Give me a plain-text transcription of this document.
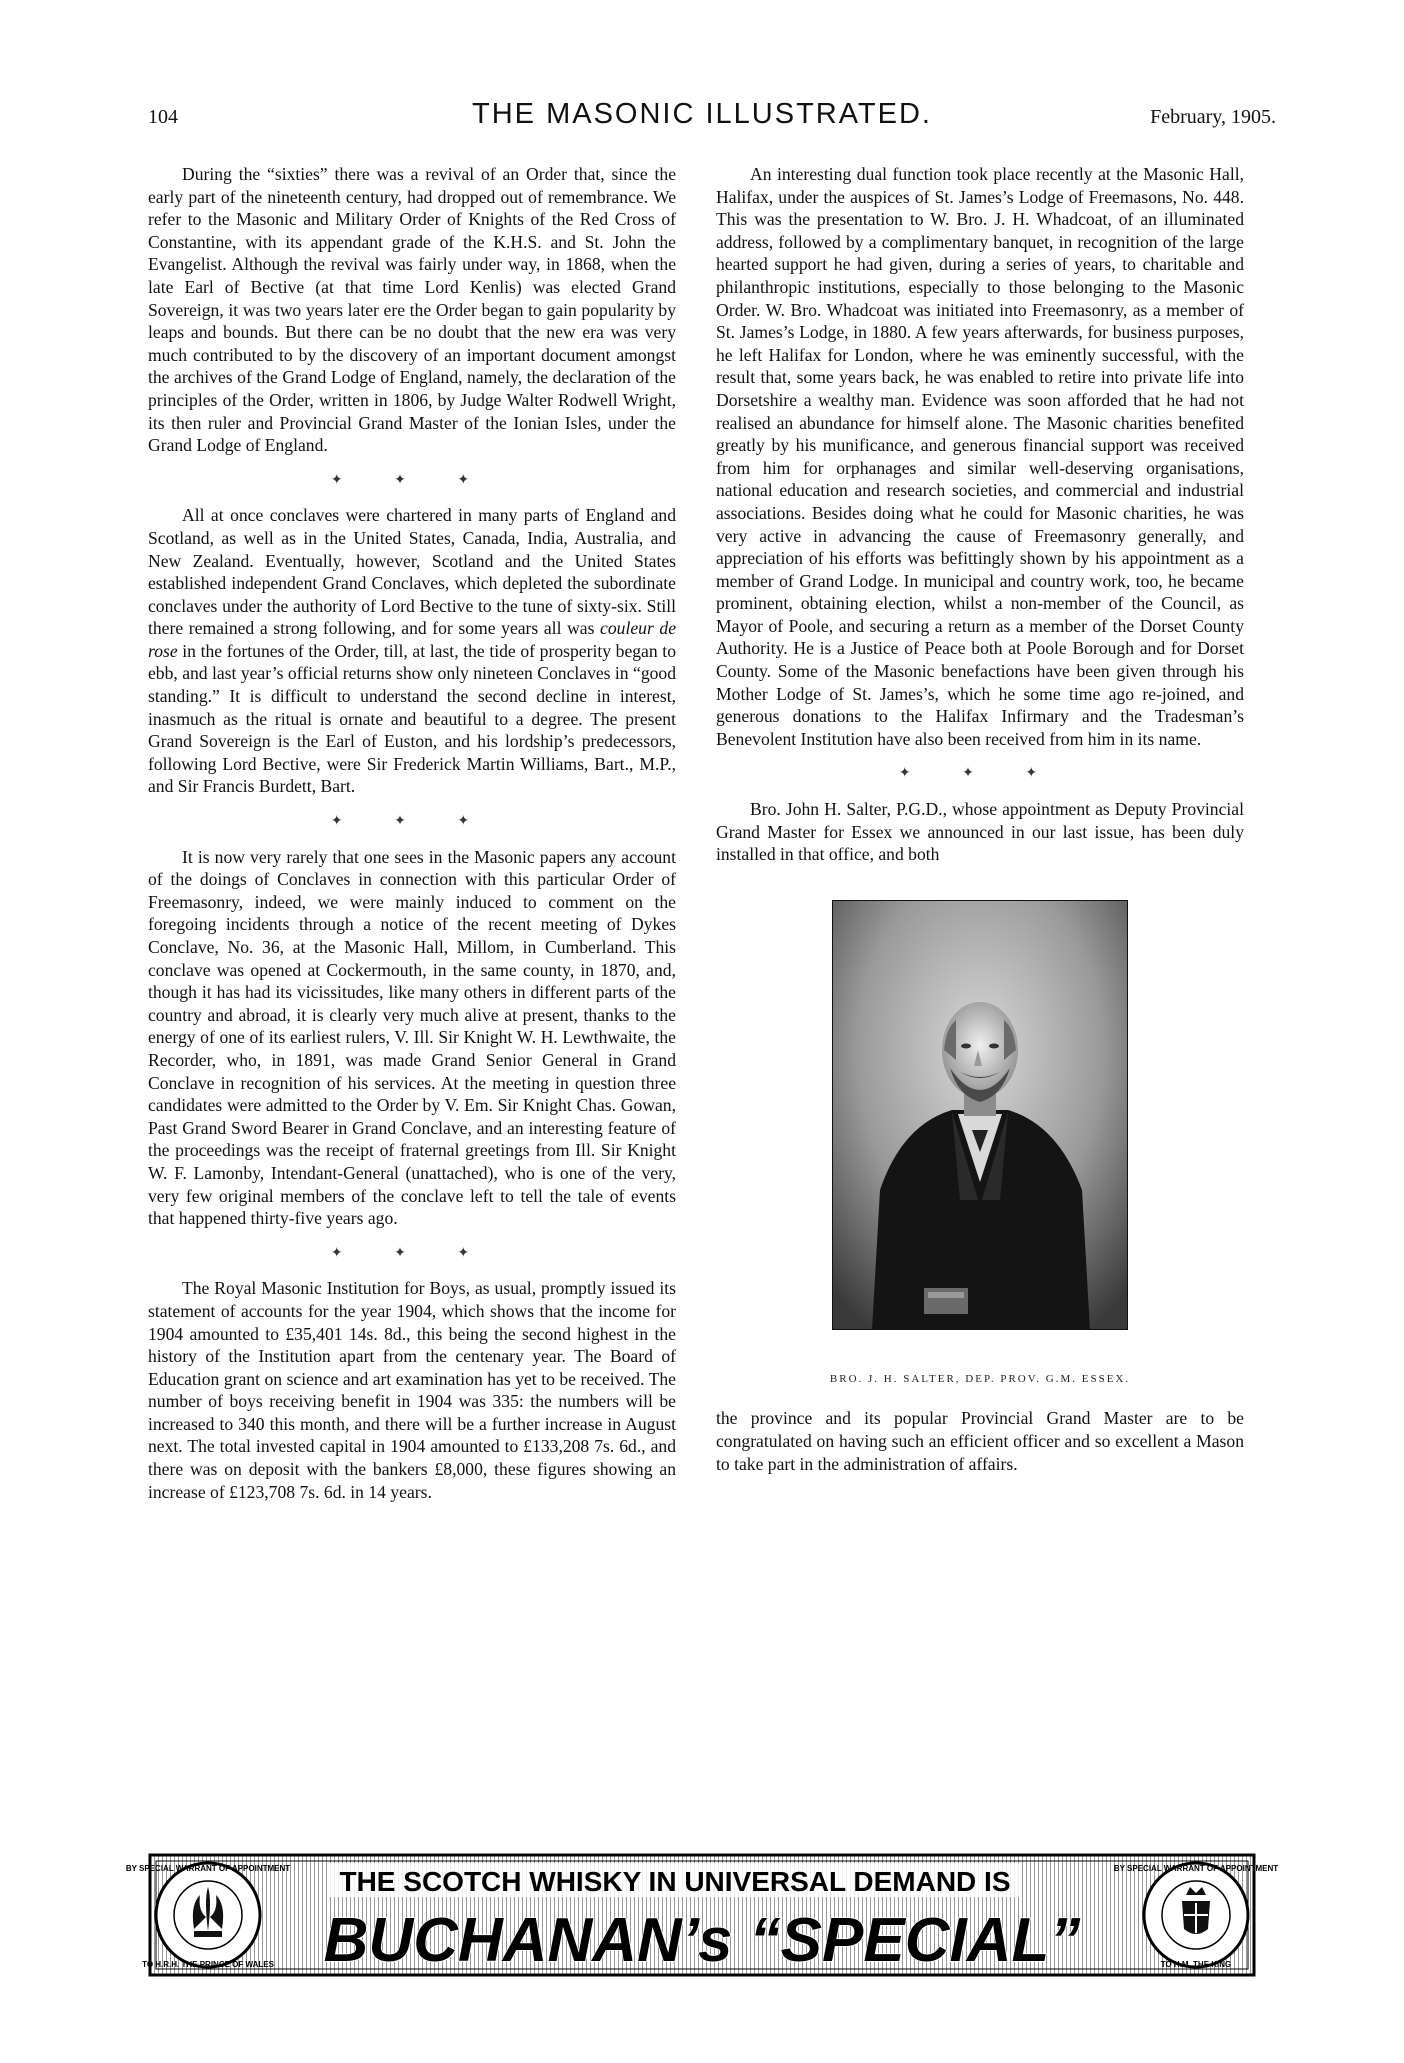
104	THE MASONIC ILLUSTRATED.	February, 1905.

During the “sixties” there was a revival of an Order that, since the early part of the nineteenth century, had dropped out of remembrance. We refer to the Masonic and Military Order of Knights of the Red Cross of Constantine, with its appendant grade of the K.H.S. and St. John the Evangelist. Although the revival was fairly under way, in 1868, when the late Earl of Bective (at that time Lord Kenlis) was elected Grand Sovereign, it was two years later ere the Order began to gain popularity by leaps and bounds. But there can be no doubt that the new era was very much contributed to by the discovery of an important document amongst the archives of the Grand Lodge of England, namely, the declaration of the principles of the Order, written in 1806, by Judge Walter Rodwell Wright, its then ruler and Provincial Grand Master of the Ionian Isles, under the Grand Lodge of England.

✦ ✦ ✦

All at once conclaves were chartered in many parts of England and Scotland, as well as in the United States, Canada, India, Australia, and New Zealand. Eventually, however, Scotland and the United States established independent Grand Conclaves, which depleted the subordinate conclaves under the authority of Lord Bective to the tune of sixty-six. Still there remained a strong following, and for some years all was couleur de rose in the fortunes of the Order, till, at last, the tide of prosperity began to ebb, and last year’s official returns show only nineteen Conclaves in “good standing.” It is difficult to understand the second decline in interest, inasmuch as the ritual is ornate and beautiful to a degree. The present Grand Sovereign is the Earl of Euston, and his lordship’s predecessors, following Lord Bective, were Sir Frederick Martin Williams, Bart., M.P., and Sir Francis Burdett, Bart.

✦ ✦ ✦

It is now very rarely that one sees in the Masonic papers any account of the doings of Conclaves in connection with this particular Order of Freemasonry, indeed, we were mainly induced to comment on the foregoing incidents through a notice of the recent meeting of Dykes Conclave, No. 36, at the Masonic Hall, Millom, in Cumberland. This conclave was opened at Cockermouth, in the same county, in 1870, and, though it has had its vicissitudes, like many others in different parts of the country and abroad, it is clearly very much alive at present, thanks to the energy of one of its earliest rulers, V. Ill. Sir Knight W. H. Lewthwaite, the Recorder, who, in 1891, was made Grand Senior General in Grand Conclave in recognition of his services. At the meeting in question three candidates were admitted to the Order by V. Em. Sir Knight Chas. Gowan, Past Grand Sword Bearer in Grand Conclave, and an interesting feature of the proceedings was the receipt of fraternal greetings from Ill. Sir Knight W. F. Lamonby, Intendant-General (unattached), who is one of the very, very few original members of the conclave left to tell the tale of events that happened thirty-five years ago.

✦ ✦ ✦

The Royal Masonic Institution for Boys, as usual, promptly issued its statement of accounts for the year 1904, which shows that the income for 1904 amounted to £35,401 14s. 8d., this being the second highest in the history of the Institution apart from the centenary year. The Board of Education grant on science and art examination has yet to be received. The number of boys receiving benefit in 1904 was 335: the numbers will be increased to 340 this month, and there will be a further increase in August next. The total invested capital in 1904 amounted to £133,208 7s. 6d., and there was on deposit with the bankers £8,000, these figures showing an increase of £123,708 7s. 6d. in 14 years.

An interesting dual function took place recently at the Masonic Hall, Halifax, under the auspices of St. James’s Lodge of Freemasons, No. 448. This was the presentation to W. Bro. J. H. Whadcoat, of an illuminated address, followed by a complimentary banquet, in recognition of the large hearted support he had given, during a series of years, to charitable and philanthropic institutions, especially to those belonging to the Masonic Order. W. Bro. Whadcoat was initiated into Freemasonry, as a member of St. James’s Lodge, in 1880. A few years afterwards, for business purposes, he left Halifax for London, where he was eminently successful, with the result that, some years back, he was enabled to retire into private life into Dorsetshire a wealthy man. Evidence was soon afforded that he had not realised an abundance for himself alone. The Masonic charities benefited greatly by his munificance, and generous financial support was received from him for orphanages and similar well-deserving organisations, national education and research societies, and commercial and industrial associations. Besides doing what he could for Masonic charities, he was very active in advancing the cause of Freemasonry generally, and appreciation of his efforts was befittingly shown by his appointment as a member of Grand Lodge. In municipal and country work, too, he became prominent, obtaining election, whilst a non-member of the Council, as Mayor of Poole, and securing a return as a member of the Dorset County Authority. He is a Justice of Peace both at Poole Borough and for Dorset County. Some of the Masonic benefactions have been given through his Mother Lodge of St. James’s, which he some time ago re-joined, and generous donations to the Halifax Infirmary and the Tradesman’s Benevolent Institution have also been received from him in its name.

✦ ✦ ✦

Bro. John H. Salter, P.G.D., whose appointment as Deputy Provincial Grand Master for Essex we announced in our last issue, has been duly installed in that office, and both

BRO. J. H. SALTER, DEP. PROV. G.M. ESSEX.

the province and its popular Provincial Grand Master are to be congratulated on having such an efficient officer and so excellent a Mason to take part in the administration of affairs.

BY SPECIAL WARRANT OF APPOINTMENT
TO H.R.H. THE PRINCE OF WALES
BY SPECIAL WARRANT OF APPOINTMENT
TO H.M. THE KING
THE SCOTCH WHISKY IN UNIVERSAL DEMAND IS
BUCHANAN’s “SPECIAL”
